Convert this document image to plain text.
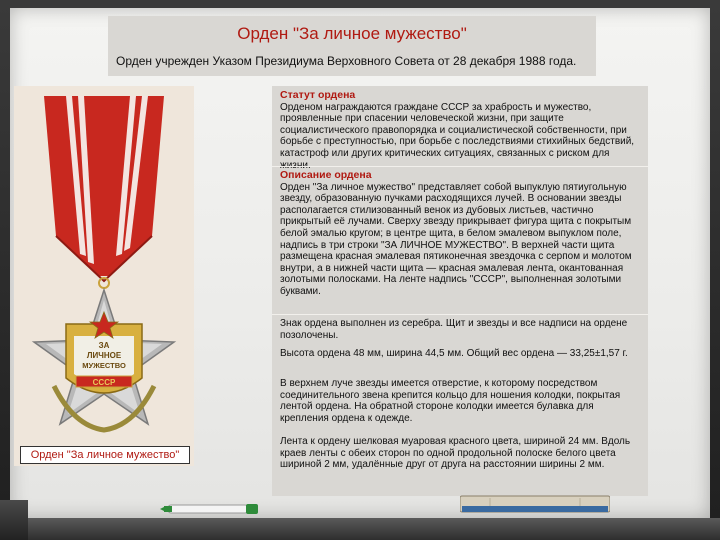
Орден "За личное мужество"
Орден учрежден Указом Президиума Верховного Совета от 28 декабря 1988 года.
ЗА
ЛИЧНОЕ
МУЖЕСТВО
СССР
Орден "За личное мужество"
Статут ордена
Орденом награждаются граждане СССР за храбрость и мужество, проявленные при спасении человеческой жизни, при защите социалистического правопорядка и социалистической собственности, при борьбе с преступностью, при борьбе с последствиями стихийных бедствий, катастроф или других критических ситуациях, связанных с риском для
Описание ордена
Орден "За личное мужество" представляет собой выпуклую пятиугольную звезду, образованную пучками расходящихся лучей. В основании звезды располагается стилизованный венок из дубовых листьев, частично прикрытый её лучами. Сверху звезду прикрывает фигура щита с покрытым белой эмалью кругом; в центре щита, в белом эмалевом выпуклом поле, надпись в три строки "ЗА ЛИЧНОЕ МУЖЕСТВО". В верхней части щита размещена красная эмалевая пятиконечная звездочка с серпом и молотом внутри, а в нижней части щита — красная эмалевая лента, окантованная золотыми полосками. На ленте надпись "СССР", выполненная золотыми буквами.
Знак ордена выполнен из серебра. Щит и звезды и все надписи на ордене позолочены.
Высота ордена 48 мм, ширина 44,5 мм. Общий вес ордена — 33,25±1,57 г.
В верхнем луче звезды имеется отверстие, к которому посредством соединительного звена крепится кольцо для ношения колодки, покрытая лентой ордена. На обратной стороне колодки имеется булавка для крепления ордена к одежде.
Лента к ордену шелковая муаровая красного цвета, шириной 24 мм. Вдоль краев ленты с обеих сторон по одной продольной полоске белого цвета шириной 2 мм, удалённые друг от друга на расстоянии ширины 2 мм.
